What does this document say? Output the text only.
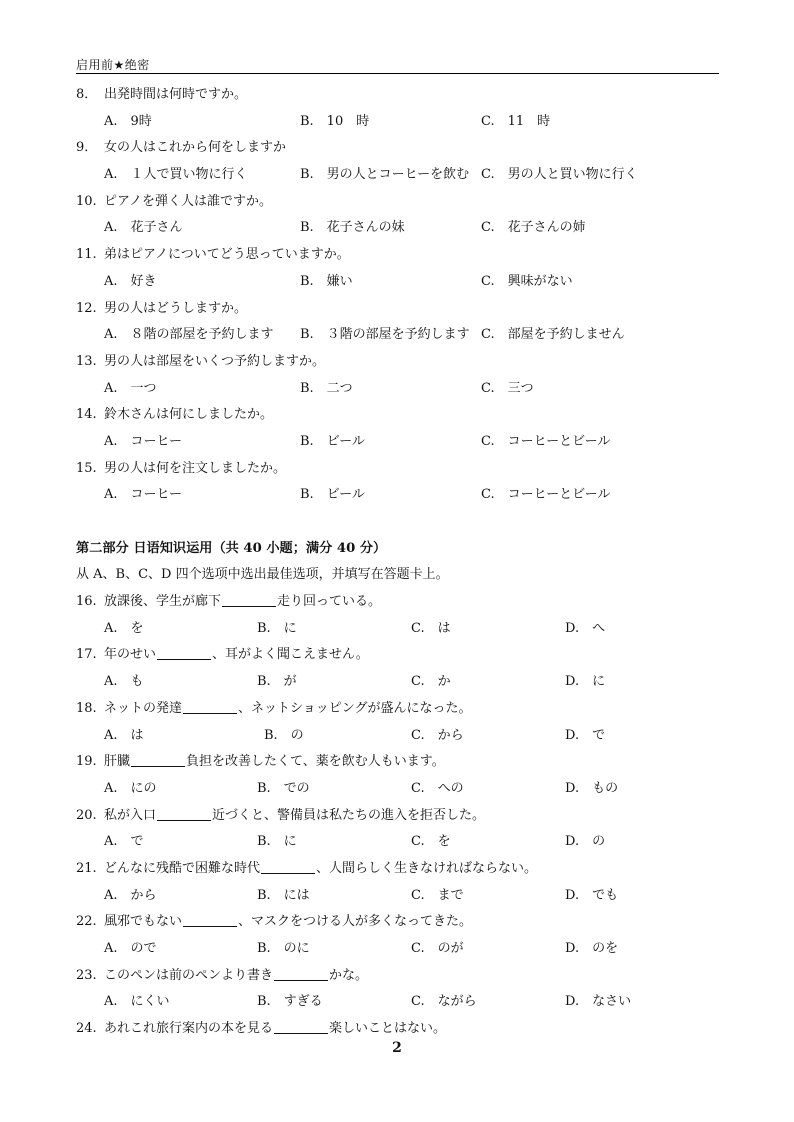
启用前★绝密
8． 出発時間は何時ですか。
A.　9時	B.　10　時	C.　11　時
9． 女の人はこれから何をしますか
A.　１人で買い物に行く	B.　男の人とコーヒーを飲む C.　男の人と買い物に行く
10. ピアノを弾く人は誰ですか。
A.　花子さん	B.　花子さんの妹	C.　花子さんの姉
11. 弟はピアノについてどう思っていますか。
A.　好き	B.　嫌い	C.　興味がない
12. 男の人はどうしますか。
A.　８階の部屋を予約します B.　３階の部屋を予約します C.　部屋を予約しません
13. 男の人は部屋をいくつ予約しますか。
A.　一つ	B.　二つ	C.　三つ
14. 鈴木さんは何にしましたか。
A.　コーヒー	B.　ビール	C.　コーヒーとビール
15. 男の人は何を注文しましたか。
A.　コーヒー	B.　ビール	C.　コーヒーとビール
第二部分 日语知识运用（共 40 小题；满分 40 分）
从 A、B、C、D 四个选项中选出最佳选项，并填写在答题卡上。
16. 放課後、学生が廊下	走り回っている。
A.　を	B.　に	C.　は	D.　へ
17. 年のせい	、耳がよく聞こえません。
A.　も	B.　が	C.　か	D.　に
18. ネットの発達	、ネットショッピングが盛んになった。
A.　は	B.　の	C.　から	D.　で
19. 肝臓	負担を改善したくて、薬を飲む人もいます。
A.　にの	B.　での	C.　への	D.　もの
20. 私が入口	近づくと、警備員は私たちの進入を拒否した。
A.　で	B.　に	C.　を	D.　の
21. どんなに残酷で困難な時代	、人間らしく生きなければならない。
A.　から	B.　には	C.　まで	D.　でも
22. 風邪でもない	、マスクをつける人が多くなってきた。
A.　ので	B.　のに	C.　のが	D.　のを
23. このペンは前のペンより書き	かな。
A.　にくい	B.　すぎる	C.　ながら	D.　なさい
24. あれこれ旅行案内の本を見る	楽しいことはない。
2
